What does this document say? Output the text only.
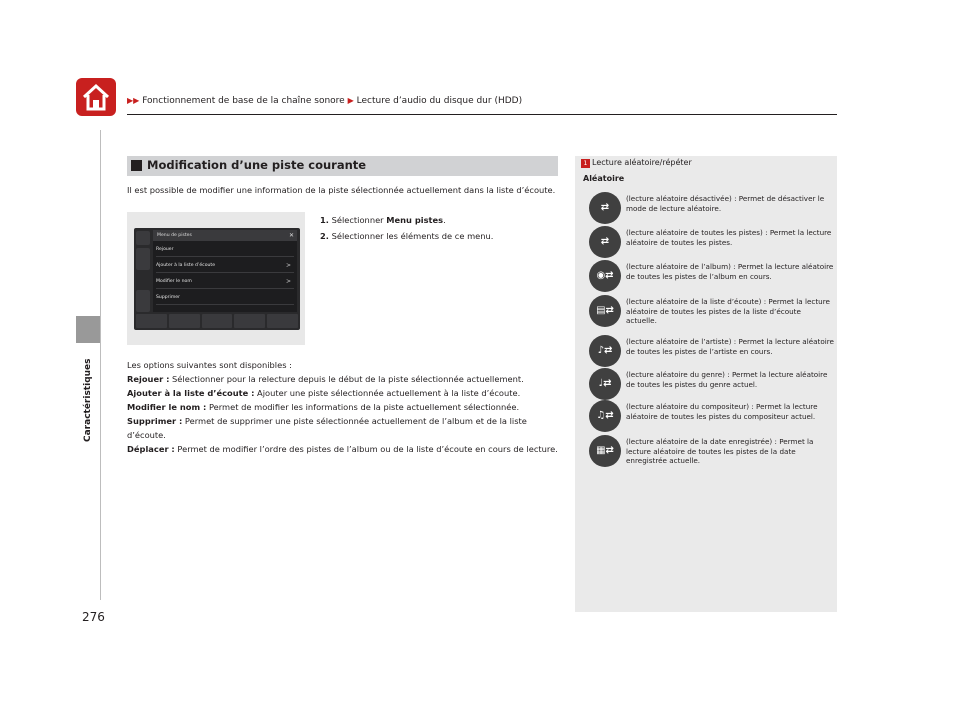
▶▶ Fonctionnement de base de la chaîne sonore ▶ Lecture d’audio du disque dur (HDD)
Caractéristiques
276
Modification d’une piste courante
Il est possible de modifier une information de la piste sélectionnée actuellement dans la liste d’écoute.
Menu de pistes	✕
Rejouer
Ajouter à la liste d’écoute	>
Modifier le nom	>
Supprimer
1. Sélectionner Menu pistes.
2. Sélectionner les éléments de ce menu.
Les options suivantes sont disponibles :
Rejouer : Sélectionner pour la relecture depuis le début de la piste sélectionnée actuellement.
Ajouter à la liste d’écoute : Ajouter une piste sélectionnée actuellement à la liste d’écoute.
Modifier le nom : Permet de modifier les informations de la piste actuellement sélectionnée.
Supprimer : Permet de supprimer une piste sélectionnée actuellement de l’album et de la liste d’écoute.
Déplacer : Permet de modifier l’ordre des pistes de l’album ou de la liste d’écoute en cours de lecture.
1 Lecture aléatoire/répéter
Aléatoire
⇄
(lecture aléatoire désactivée) : Permet de désactiver le mode de lecture aléatoire.
⇄
(lecture aléatoire de toutes les pistes) : Permet la lecture aléatoire de toutes les pistes.
◉⇄
(lecture aléatoire de l’album) : Permet la lecture aléatoire de toutes les pistes de l’album en cours.
▤⇄
(lecture aléatoire de la liste d’écoute) : Permet la lecture aléatoire de toutes les pistes de la liste d’écoute actuelle.
♪⇄
(lecture aléatoire de l’artiste) : Permet la lecture aléatoire de toutes les pistes de l’artiste en cours.
♩⇄
(lecture aléatoire du genre) : Permet la lecture aléatoire de toutes les pistes du genre actuel.
♫⇄
(lecture aléatoire du compositeur) : Permet la lecture aléatoire de toutes les pistes du compositeur actuel.
▦⇄
(lecture aléatoire de la date enregistrée) : Permet la lecture aléatoire de toutes les pistes de la date enregistrée actuelle.
